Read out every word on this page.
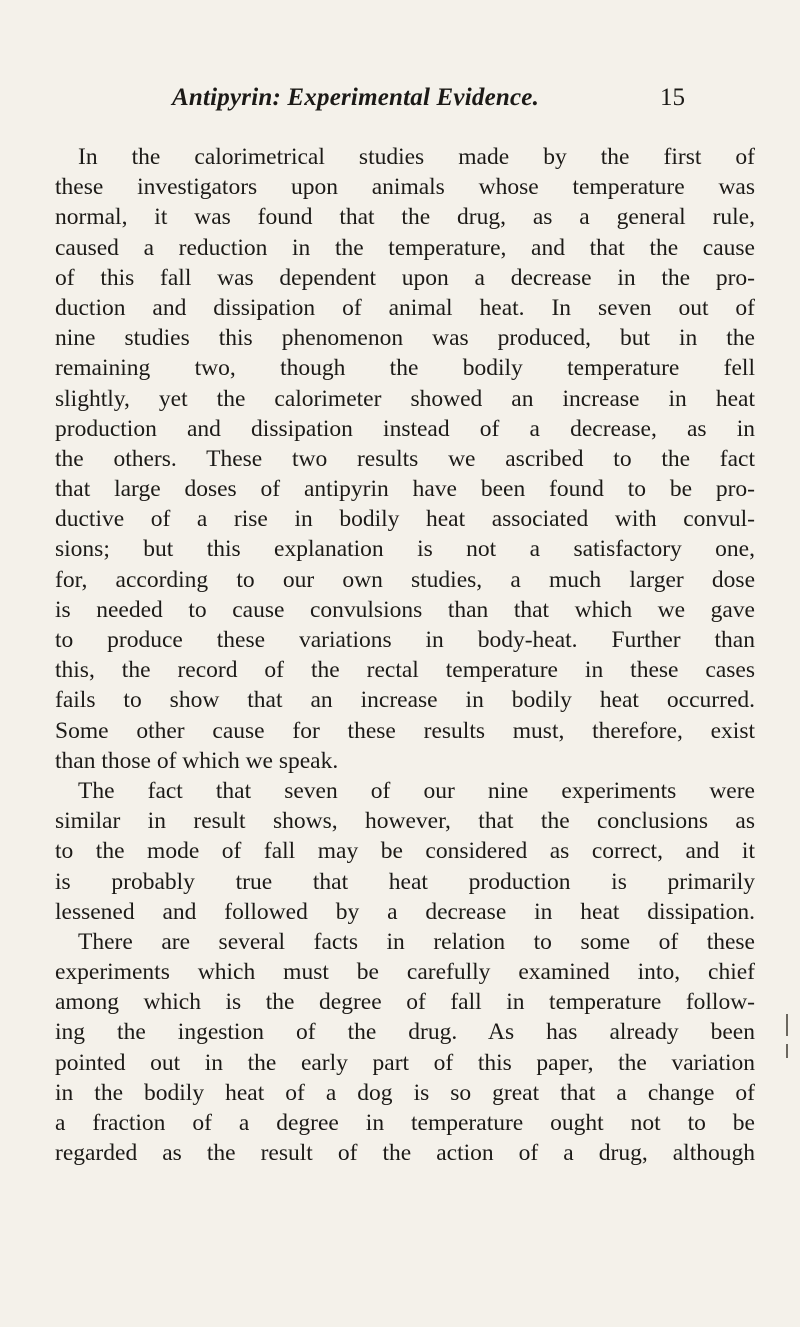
Antipyrin: Experimental Evidence.	15
In the calorimetrical studies made by the first of
these investigators upon animals whose temperature was
normal, it was found that the drug, as a general rule,
caused a reduction in the temperature, and that the cause
of this fall was dependent upon a decrease in the pro-
duction and dissipation of animal heat. In seven out of
nine studies this phenomenon was produced, but in the
remaining two, though the bodily temperature fell
slightly, yet the calorimeter showed an increase in heat
production and dissipation instead of a decrease, as in
the others. These two results we ascribed to the fact
that large doses of antipyrin have been found to be pro-
ductive of a rise in bodily heat associated with convul-
sions; but this explanation is not a satisfactory one,
for, according to our own studies, a much larger dose
is needed to cause convulsions than that which we gave
to produce these variations in body-heat. Further than
this, the record of the rectal temperature in these cases
fails to show that an increase in bodily heat occurred.
Some other cause for these results must, therefore, exist
than those of which we speak.
The fact that seven of our nine experiments were
similar in result shows, however, that the conclusions as
to the mode of fall may be considered as correct, and it
is probably true that heat production is primarily
lessened and followed by a decrease in heat dissipation.
There are several facts in relation to some of these
experiments which must be carefully examined into, chief
among which is the degree of fall in temperature follow-
ing the ingestion of the drug. As has already been
pointed out in the early part of this paper, the variation
in the bodily heat of a dog is so great that a change of
a fraction of a degree in temperature ought not to be
regarded as the result of the action of a drug, although
